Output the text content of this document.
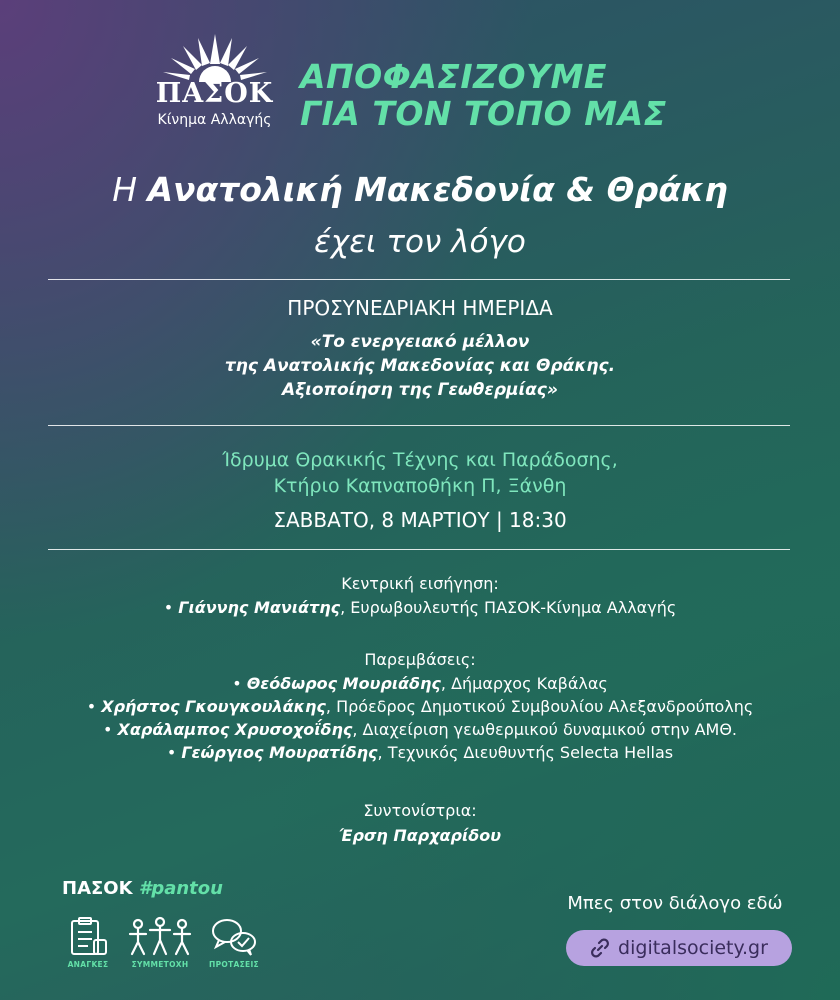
ΠΑΣΟΚ
Κίνημα Αλλαγής
ΑΠΟΦΑΣΙΖΟΥΜΕ
ΓΙΑ ΤΟΝ ΤΟΠΟ ΜΑΣ
Η Ανατολική Μακεδονία & Θράκη
έχει τον λόγο
ΠΡΟΣΥΝΕΔΡΙΑΚΗ ΗΜΕΡΙΔΑ
«Το ενεργειακό μέλλον
της Ανατολικής Μακεδονίας και Θράκης.
Αξιοποίηση της Γεωθερμίας»
Ίδρυμα Θρακικής Τέχνης και Παράδοσης,
Κτήριο Καπναποθήκη Π, Ξάνθη
ΣΑΒΒΑΤΟ, 8 ΜΑΡΤΙΟΥ | 18:30
Κεντρική εισήγηση:
• Γιάννης Μανιάτης, Ευρωβουλευτής ΠΑΣΟΚ-Κίνημα Αλλαγής
Παρεμβάσεις:
• Θεόδωρος Μουριάδης, Δήμαρχος Καβάλας
• Χρήστος Γκουγκουλάκης, Πρόεδρος Δημοτικού Συμβουλίου Αλεξανδρούπολης
• Χαράλαμπος Χρυσοχοΐδης, Διαχείριση γεωθερμικού δυναμικού στην ΑΜΘ.
• Γεώργιος Μουρατίδης, Τεχνικός Διευθυντής Selecta Hellas
Συντονίστρια:
Έρση Παρχαρίδου
ΠΑΣΟΚ #pantou
ΑΝΑΓΚΕΣ	ΣΥΜΜΕΤΟΧΗ	ΠΡΟΤΑΣΕΙΣ
Μπες στον διάλογο εδώ
digitalsociety.gr
